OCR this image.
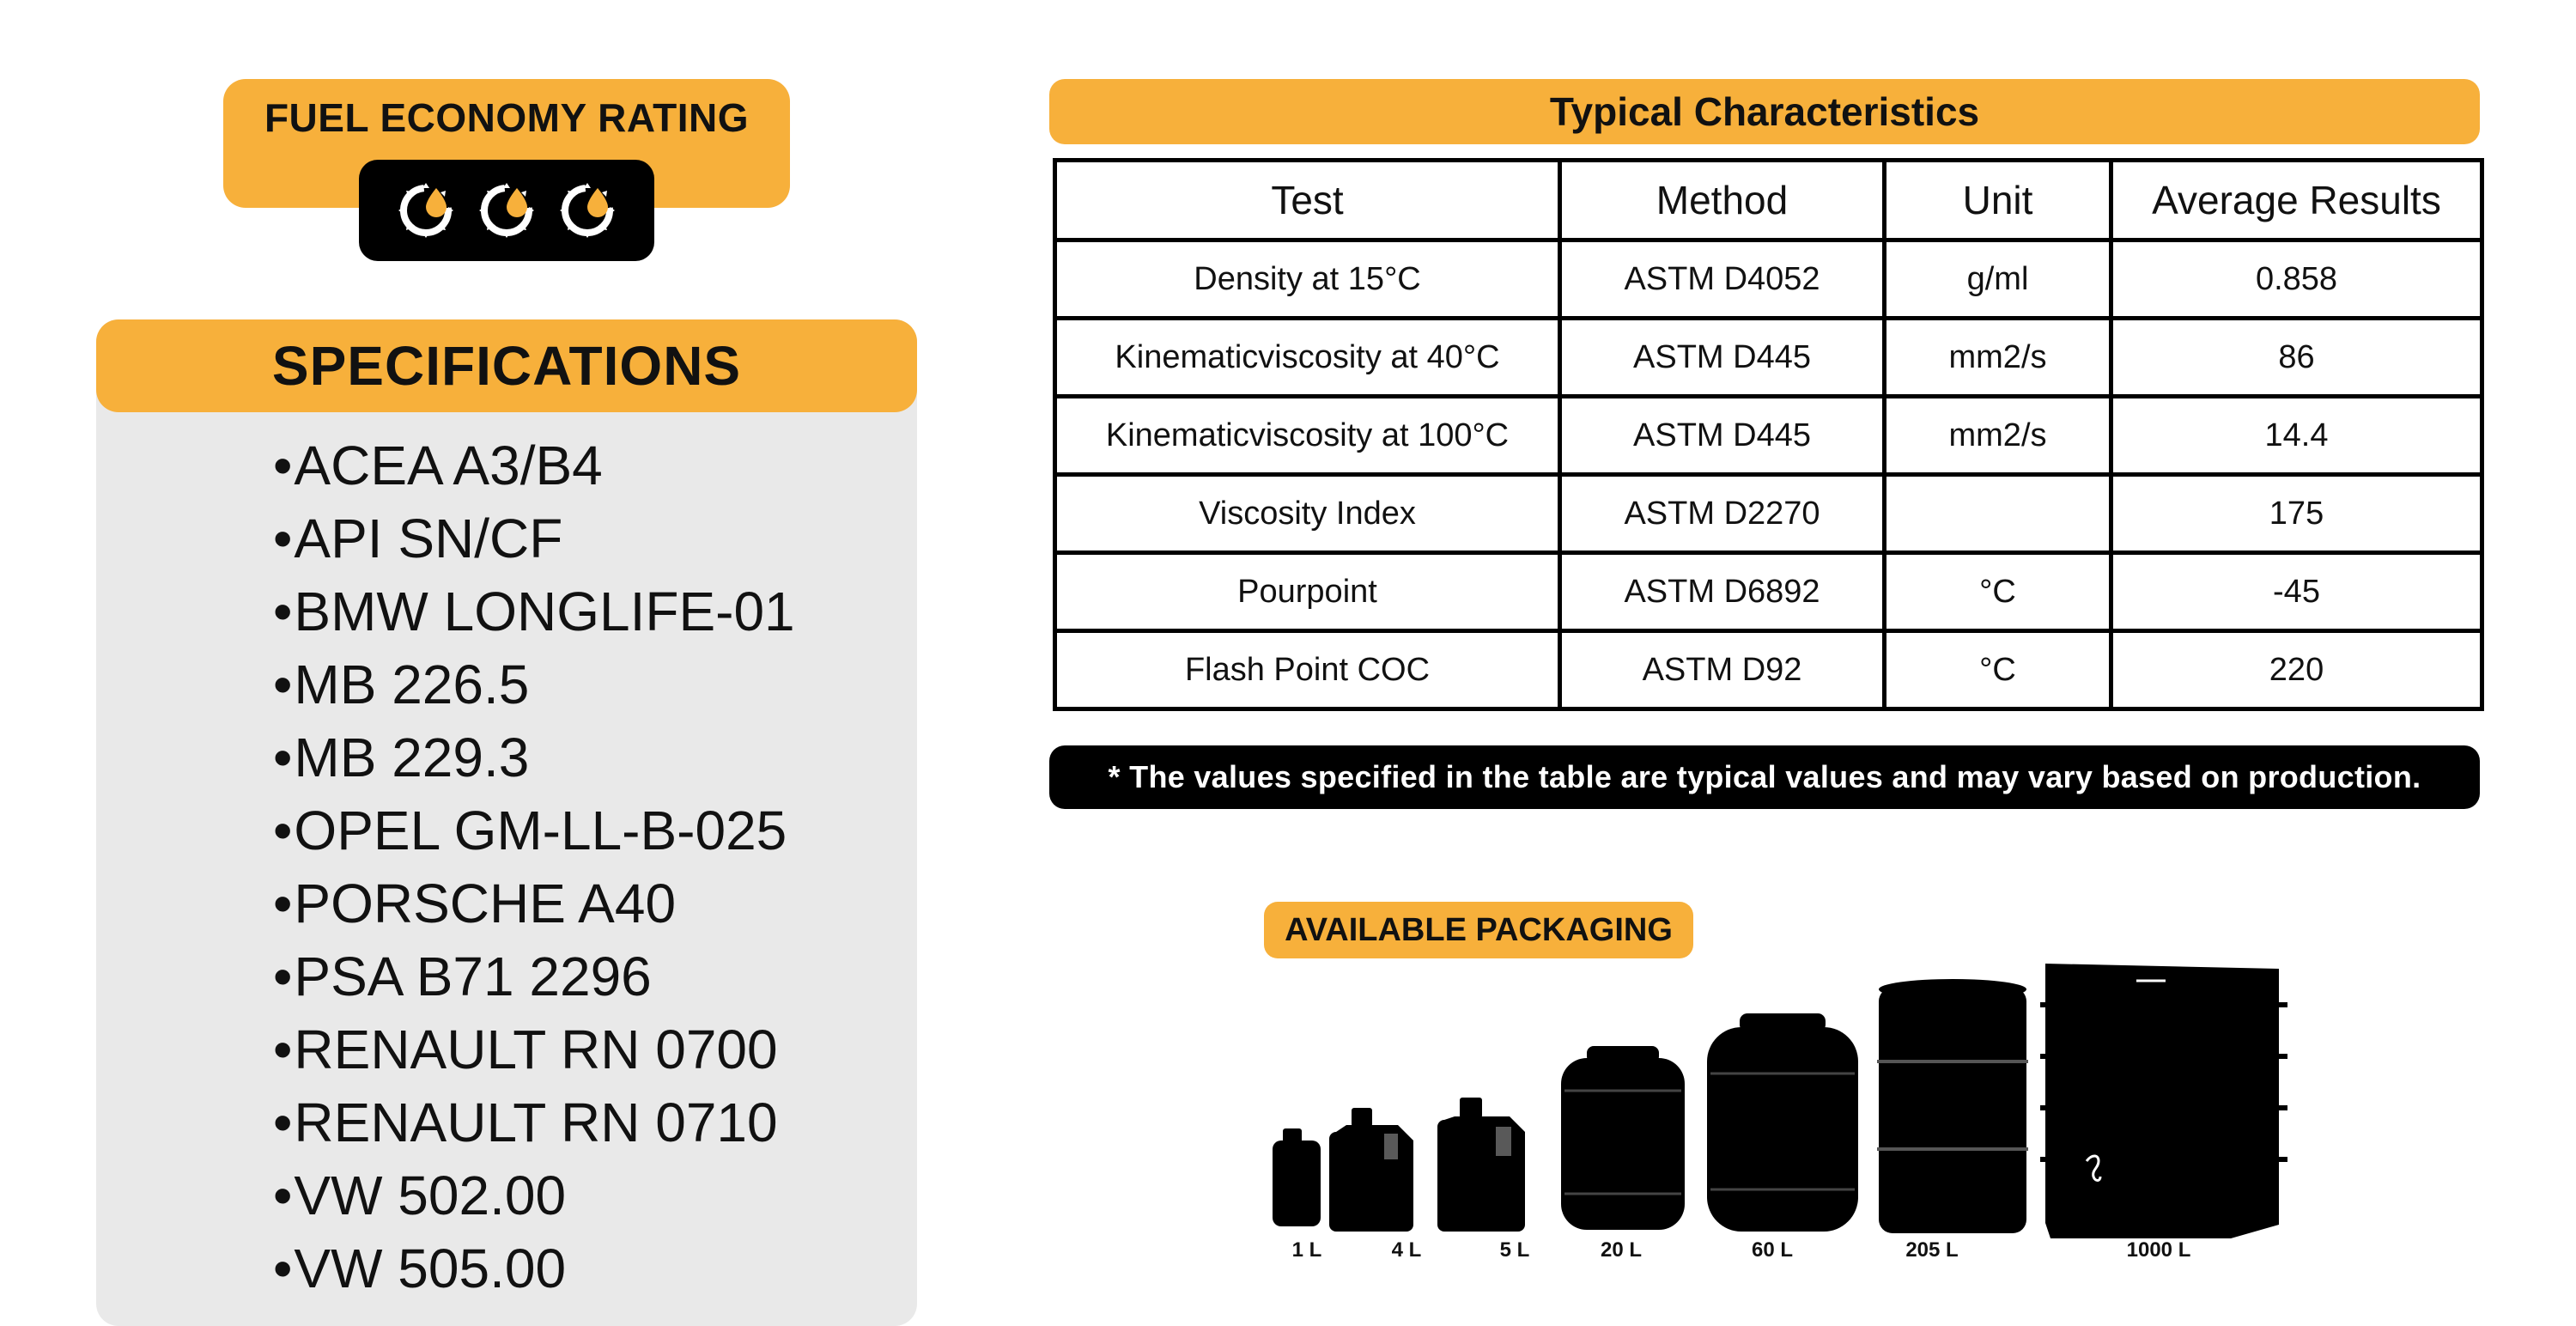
FUEL ECONOMY RATING
SPECIFICATIONS
• ACEA A3/B4
• API SN/CF
• BMW LONGLIFE-01
• MB 226.5
• MB 229.3
• OPEL GM-LL-B-025
• PORSCHE A40
• PSA B71 2296
• RENAULT RN 0700
• RENAULT RN 0710
• VW 502.00
• VW 505.00
Typical Characteristics
Test	Method	Unit	Average Results
Density at 15°C	ASTM D4052	g/ml	0.858
Kinematicviscosity at 40°C	ASTM D445	mm2/s	86
Kinematicviscosity at 100°C	ASTM D445	mm2/s	14.4
Viscosity Index	ASTM D2270		175
Pourpoint	ASTM D6892	°C	-45
Flash Point COC	ASTM D92	°C	220
* The values specified in the table are typical values and may vary based on production.
AVAILABLE PACKAGING
1 L	4 L	5 L	20 L	60 L	205 L	1000 L
